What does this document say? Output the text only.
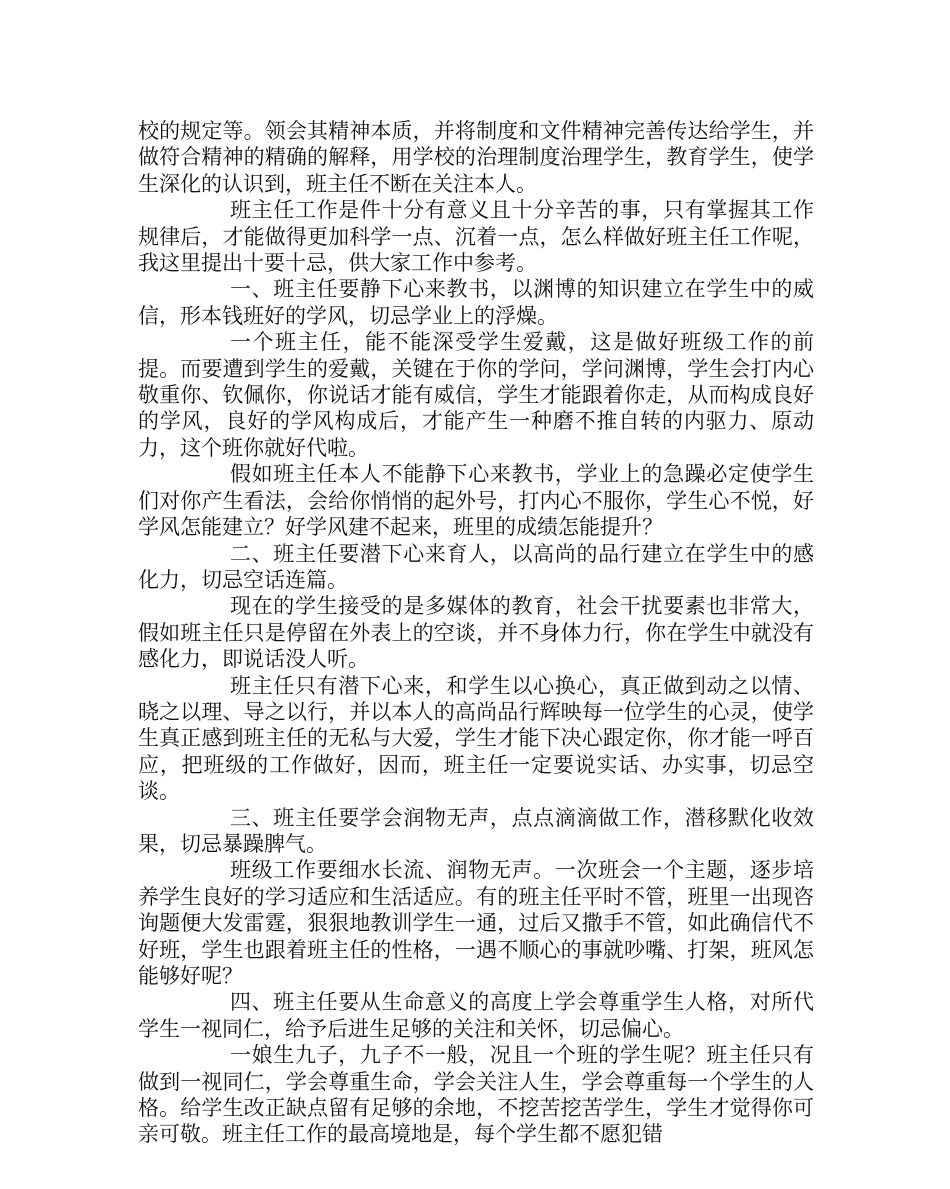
校的规定等。领会其精神本质，并将制度和文件精神完善传达给学生，并做符合精神的精确的解释，用学校的治理制度治理学生，教育学生，使学生深化的认识到，班主任不断在关注本人。

班主任工作是件十分有意义且十分辛苦的事，只有掌握其工作规律后，才能做得更加科学一点、沉着一点，怎么样做好班主任工作呢，我这里提出十要十忌，供大家工作中参考。

一、班主任要静下心来教书，以渊博的知识建立在学生中的威信，形本钱班好的学风，切忌学业上的浮燥。

一个班主任，能不能深受学生爱戴，这是做好班级工作的前提。而要遭到学生的爱戴，关键在于你的学问，学问渊博，学生会打内心敬重你、钦佩你，你说话才能有威信，学生才能跟着你走，从而构成良好的学风，良好的学风构成后，才能产生一种磨不推自转的内驱力、原动力，这个班你就好代啦。

假如班主任本人不能静下心来教书，学业上的急躁必定使学生们对你产生看法，会给你悄悄的起外号，打内心不服你，学生心不悦，好学风怎能建立？好学风建不起来，班里的成绩怎能提升？

二、班主任要潜下心来育人，以高尚的品行建立在学生中的感化力，切忌空话连篇。

现在的学生接受的是多媒体的教育，社会干扰要素也非常大，假如班主任只是停留在外表上的空谈，并不身体力行，你在学生中就没有感化力，即说话没人听。

班主任只有潜下心来，和学生以心换心，真正做到动之以情、晓之以理、导之以行，并以本人的高尚品行辉映每一位学生的心灵，使学生真正感到班主任的无私与大爱，学生才能下决心跟定你，你才能一呼百应，把班级的工作做好，因而，班主任一定要说实话、办实事，切忌空谈。

三、班主任要学会润物无声，点点滴滴做工作，潜移默化收效果，切忌暴躁脾气。

班级工作要细水长流、润物无声。一次班会一个主题，逐步培养学生良好的学习适应和生活适应。有的班主任平时不管，班里一出现咨询题便大发雷霆，狠狠地教训学生一通，过后又撒手不管，如此确信代不好班，学生也跟着班主任的性格，一遇不顺心的事就吵嘴、打架，班风怎能够好呢？

四、班主任要从生命意义的高度上学会尊重学生人格，对所代学生一视同仁，给予后进生足够的关注和关怀，切忌偏心。

一娘生九子，九子不一般，况且一个班的学生呢？班主任只有做到一视同仁，学会尊重生命，学会关注人生，学会尊重每一个学生的人格。给学生改正缺点留有足够的余地，不挖苦挖苦学生，学生才觉得你可亲可敬。班主任工作的最高境地是，每个学生都不愿犯错
